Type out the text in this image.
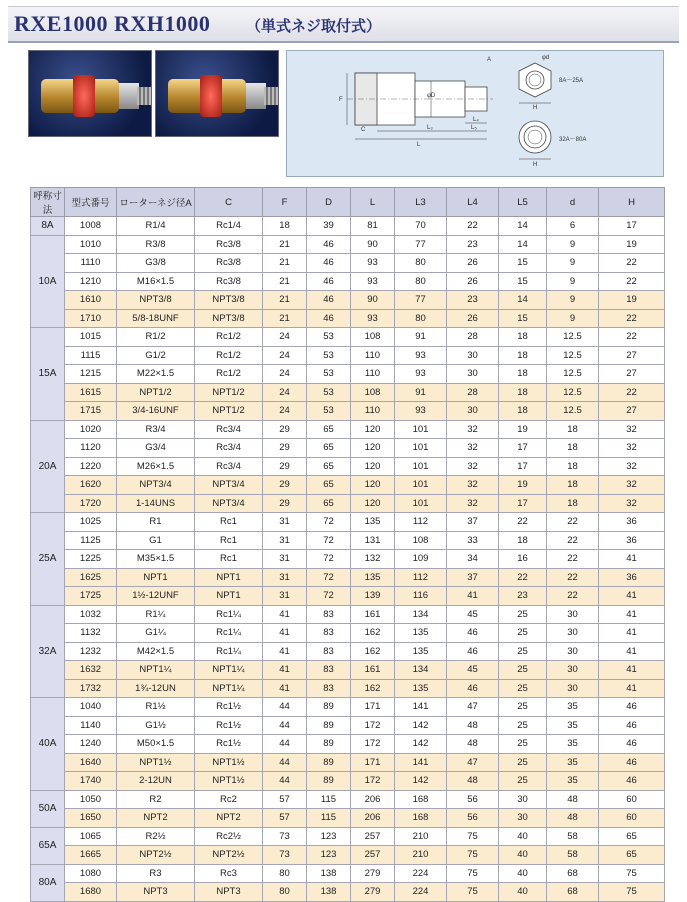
RXE1000 RXH1000 （単式ネジ取付式）
A	φd
φD
F
C
L
L₃
L₄
L₅
H
8A～25A
H
32A～80A
呼称寸法	型式番号	ローターネジ径A	C	F	D	L	L3	L4	L5	d	H
8A	1008	R1/4	Rc1/4	18	39	81	70	22	14	6	17
10A	1010	R3/8	Rc3/8	21	46	90	77	23	14	9	19
	1110	G3/8	Rc3/8	21	46	93	80	26	15	9	22
	1210	M16×1.5	Rc3/8	21	46	93	80	26	15	9	22
	1610	NPT3/8	NPT3/8	21	46	90	77	23	14	9	19
	1710	5/8-18UNF	NPT3/8	21	46	93	80	26	15	9	22
15A	1015	R1/2	Rc1/2	24	53	108	91	28	18	12.5	22
	1115	G1/2	Rc1/2	24	53	110	93	30	18	12.5	27
	1215	M22×1.5	Rc1/2	24	53	110	93	30	18	12.5	27
	1615	NPT1/2	NPT1/2	24	53	108	91	28	18	12.5	22
	1715	3/4-16UNF	NPT1/2	24	53	110	93	30	18	12.5	27
20A	1020	R3/4	Rc3/4	29	65	120	101	32	19	18	32
	1120	G3/4	Rc3/4	29	65	120	101	32	17	18	32
	1220	M26×1.5	Rc3/4	29	65	120	101	32	17	18	32
	1620	NPT3/4	NPT3/4	29	65	120	101	32	19	18	32
	1720	1-14UNS	NPT3/4	29	65	120	101	32	17	18	32
25A	1025	R1	Rc1	31	72	135	112	37	22	22	36
	1125	G1	Rc1	31	72	131	108	33	18	22	36
	1225	M35×1.5	Rc1	31	72	132	109	34	16	22	41
	1625	NPT1	NPT1	31	72	135	112	37	22	22	36
	1725	1½-12UNF	NPT1	31	72	139	116	41	23	22	41
32A	1032	R1¼	Rc1¼	41	83	161	134	45	25	30	41
	1132	G1¼	Rc1¼	41	83	162	135	46	25	30	41
	1232	M42×1.5	Rc1¼	41	83	162	135	46	25	30	41
	1632	NPT1¼	NPT1¼	41	83	161	134	45	25	30	41
	1732	1¾-12UN	NPT1¼	41	83	162	135	46	25	30	41
40A	1040	R1½	Rc1½	44	89	171	141	47	25	35	46
	1140	G1½	Rc1½	44	89	172	142	48	25	35	46
	1240	M50×1.5	Rc1½	44	89	172	142	48	25	35	46
	1640	NPT1½	NPT1½	44	89	171	141	47	25	35	46
	1740	2-12UN	NPT1½	44	89	172	142	48	25	35	46
50A	1050	R2	Rc2	57	115	206	168	56	30	48	60
	1650	NPT2	NPT2	57	115	206	168	56	30	48	60
65A	1065	R2½	Rc2½	73	123	257	210	75	40	58	65
	1665	NPT2½	NPT2½	73	123	257	210	75	40	58	65
80A	1080	R3	Rc3	80	138	279	224	75	40	68	75
	1680	NPT3	NPT3	80	138	279	224	75	40	68	75
